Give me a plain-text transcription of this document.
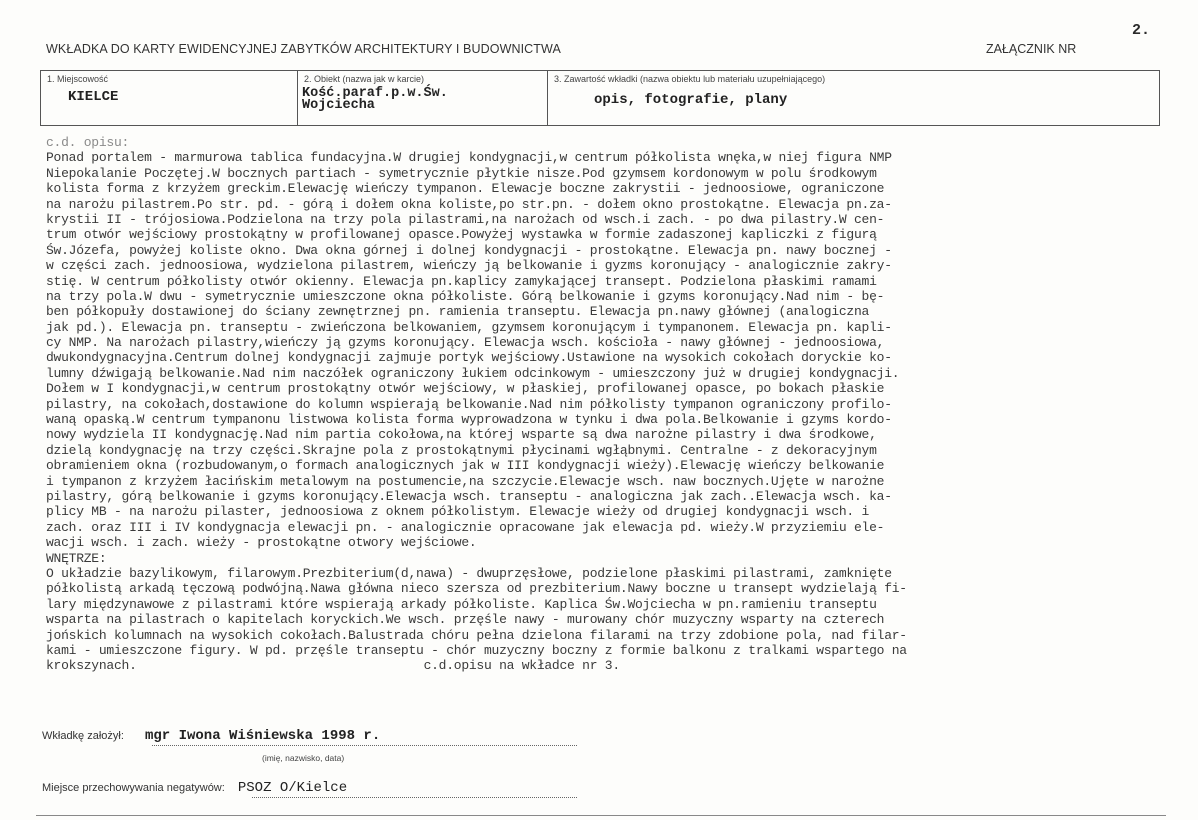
2.
WKŁADKA DO KARTY EWIDENCYJNEJ ZABYTKÓW ARCHITEKTURY I BUDOWNICTWA	ZAŁĄCZNIK NR
1. Miejscowość
KIELCE
2. Obiekt (nazwa jak w karcie)
Kość.paraf.p.w.Św.
Wojciecha
3. Zawartość wkładki (nazwa obiektu lub materiału uzupełniającego)
opis, fotografie, plany
c.d. opisu:
Ponad portalem - marmurowa tablica fundacyjna.W drugiej kondygnacji,w centrum półkolista wnęka,w niej figura NMP
Niepokalanie Poczętej.W bocznych partiach - symetrycznie płytkie nisze.Pod gzymsem kordonowym w polu środkowym
kolista forma z krzyżem greckim.Elewację wieńczy tympanon. Elewacje boczne zakrystii - jednoosiowe, ograniczone
na narożu pilastrem.Po str. pd. - górą i dołem okna koliste,po str.pn. - dołem okno prostokątne. Elewacja pn.za-
krystii II - trójosiowa.Podzielona na trzy pola pilastrami,na narożach od wsch.i zach. - po dwa pilastry.W cen-
trum otwór wejściowy prostokątny w profilowanej opasce.Powyżej wystawka w formie zadaszonej kapliczki z figurą
Św.Józefa, powyżej koliste okno. Dwa okna górnej i dolnej kondygnacji - prostokątne. Elewacja pn. nawy bocznej -
w części zach. jednoosiowa, wydzielona pilastrem, wieńczy ją belkowanie i gyzms koronujący - analogicznie zakry-
stię. W centrum półkolisty otwór okienny. Elewacja pn.kaplicy zamykającej transept. Podzielona płaskimi ramami
na trzy pola.W dwu - symetrycznie umieszczone okna półkoliste. Górą belkowanie i gzyms koronujący.Nad nim - bę-
ben półkopuły dostawionej do ściany zewnętrznej pn. ramienia transeptu. Elewacja pn.nawy głównej (analogiczna
jak pd.). Elewacja pn. transeptu - zwieńczona belkowaniem, gzymsem koronującym i tympanonem. Elewacja pn. kapli-
cy NMP. Na narożach pilastry,wieńczy ją gzyms koronujący. Elewacja wsch. kościoła - nawy głównej - jednoosiowa,
dwukondygnacyjna.Centrum dolnej kondygnacji zajmuje portyk wejściowy.Ustawione na wysokich cokołach doryckie ko-
lumny dźwigają belkowanie.Nad nim naczółek ograniczony łukiem odcinkowym - umieszczony już w drugiej kondygnacji.
Dołem w I kondygnacji,w centrum prostokątny otwór wejściowy, w płaskiej, profilowanej opasce, po bokach płaskie
pilastry, na cokołach,dostawione do kolumn wspierają belkowanie.Nad nim półkolisty tympanon ograniczony profilo-
waną opaską.W centrum tympanonu listwowa kolista forma wyprowadzona w tynku i dwa pola.Belkowanie i gzyms kordo-
nowy wydziela II kondygnację.Nad nim partia cokołowa,na której wsparte są dwa narożne pilastry i dwa środkowe,
dzielą kondygnację na trzy części.Skrajne pola z prostokątnymi płycinami wgłąbnymi. Centralne - z dekoracyjnym
obramieniem okna (rozbudowanym,o formach analogicznych jak w III kondygnacji wieży).Elewację wieńczy belkowanie
i tympanon z krzyżem łacińskim metalowym na postumencie,na szczycie.Elewacje wsch. naw bocznych.Ujęte w narożne
pilastry, górą belkowanie i gzyms koronujący.Elewacja wsch. transeptu - analogiczna jak zach..Elewacja wsch. ka-
plicy MB - na narożu pilaster, jednoosiowa z oknem półkolistym. Elewacje wieży od drugiej kondygnacji wsch. i
zach. oraz III i IV kondygnacja elewacji pn. - analogicznie opracowane jak elewacja pd. wieży.W przyziemiu ele-
wacji wsch. i zach. wieży - prostokątne otwory wejściowe.
WNĘTRZE:
O układzie bazylikowym, filarowym.Prezbiterium(d,nawa) - dwuprzęsłowe, podzielone płaskimi pilastrami, zamknięte
półkolistą arkadą tęczową podwójną.Nawa główna nieco szersza od prezbiterium.Nawy boczne u transept wydzielają fi-
lary międzynawowe z pilastrami które wspierają arkady półkoliste. Kaplica Św.Wojciecha w pn.ramieniu transeptu
wsparta na pilastrach o kapitelach koryckich.We wsch. przęśle nawy - murowany chór muzyczny wsparty na czterech
jońskich kolumnach na wysokich cokołach.Balustrada chóru pełna dzielona filarami na trzy zdobione pola, nad filar-
kami - umieszczone figury. W pd. przęśle transeptu - chór muzyczny boczny z formie balkonu z tralkami wspartego na
krokszynach.                                      c.d.opisu na wkładce nr 3.
Wkładkę założył: mgr Iwona Wiśniewska 1998 r.
(imię, nazwisko, data)
Miejsce przechowywania negatywów: PSOZ O/Kielce
